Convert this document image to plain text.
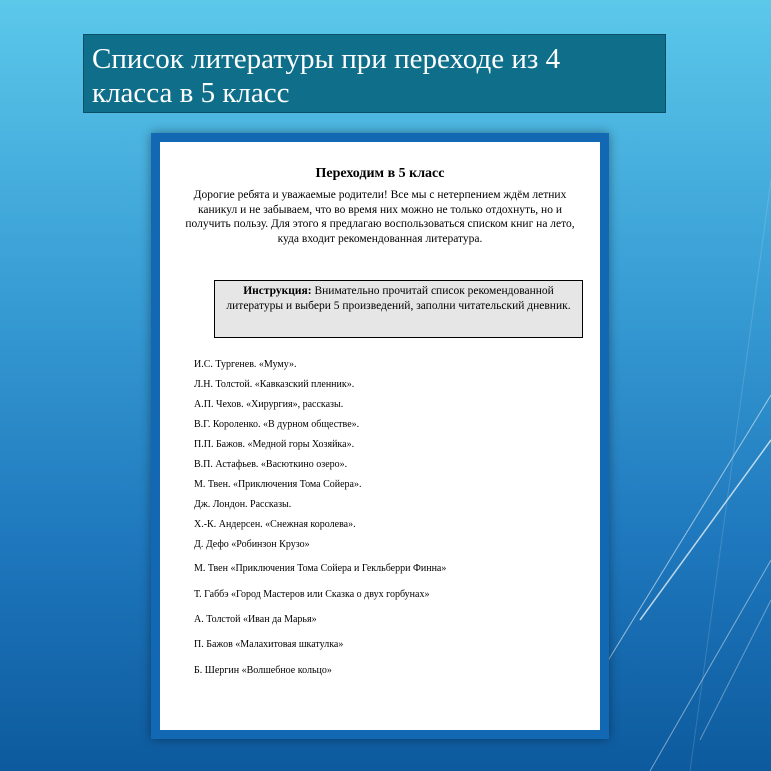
Список литературы при переходе из 4
класса в 5 класс
Переходим в 5 класс
Дорогие ребята и уважаемые родители! Все мы с нетерпением ждём летних каникул и не забываем, что во время них можно не только отдохнуть, но и получить пользу. Для этого я предлагаю воспользоваться списком книг на лето, куда входит рекомендованная литература.
Инструкция: Внимательно прочитай список рекомендованной литературы и выбери 5 произведений, заполни читательский дневник.
И.С. Тургенев. «Муму».
Л.Н. Толстой. «Кавказский пленник».
А.П. Чехов. «Хирургия», рассказы.
В.Г. Короленко. «В дурном обществе».
П.П. Бажов. «Медной горы Хозяйка».
В.П. Астафьев. «Васюткино озеро».
М. Твен. «Приключения Тома Сойера».
Дж. Лондон. Рассказы.
Х.-К. Андерсен. «Снежная королева».
Д. Дефо «Робинзон Крузо»
М. Твен «Приключения Тома Сойера и Гекльберри Финна»
Т. Габбэ «Город Мастеров или Сказка о двух горбунах»
А. Толстой «Иван да Марья»
П. Бажов «Малахитовая шкатулка»
Б. Шергин «Волшебное кольцо»
